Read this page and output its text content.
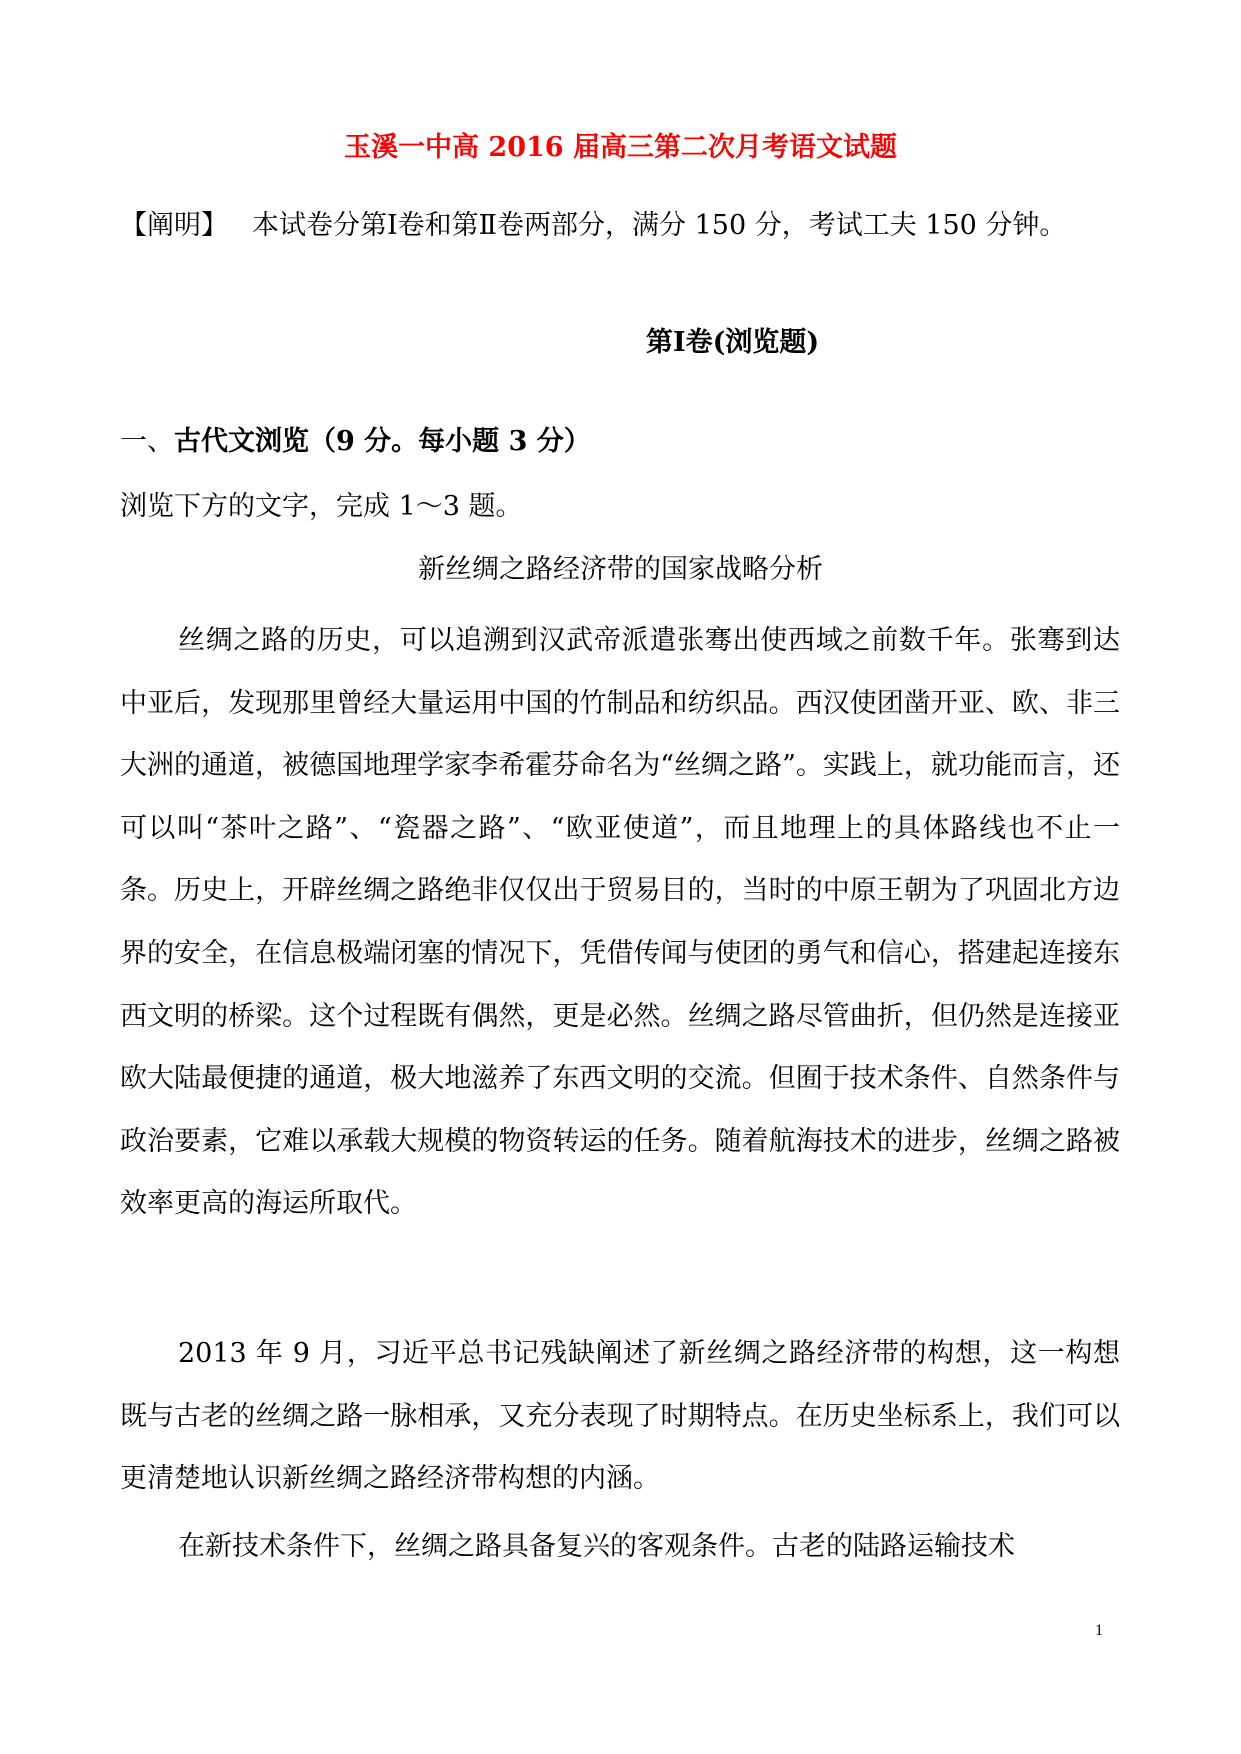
玉溪一中高 2016 届高三第二次月考语文试题
【阐明】 本试卷分第Ⅰ卷和第Ⅱ卷两部分，满分 150 分，考试工夫 150 分钟。
第Ⅰ卷(浏览题)
一、古代文浏览（9 分。每小题 3 分）
浏览下方的文字，完成 1～3 题。
新丝绸之路经济带的国家战略分析

丝绸之路的历史，可以追溯到汉武帝派遣张骞出使西域之前数千年。张骞到达中亚后，发现那里曾经大量运用中国的竹制品和纺织品。西汉使团凿开亚、欧、非三大洲的通道，被德国地理学家李希霍芬命名为“丝绸之路”。实践上，就功能而言，还可以叫“茶叶之路”、“瓷器之路”、“欧亚使道”，而且地理上的具体路线也不止一条。历史上，开辟丝绸之路绝非仅仅出于贸易目的，当时的中原王朝为了巩固北方边界的安全，在信息极端闭塞的情况下，凭借传闻与使团的勇气和信心，搭建起连接东西文明的桥梁。这个过程既有偶然，更是必然。丝绸之路尽管曲折，但仍然是连接亚欧大陆最便捷的通道，极大地滋养了东西文明的交流。但囿于技术条件、自然条件与政治要素，它难以承载大规模的物资转运的任务。随着航海技术的进步，丝绸之路被效率更高的海运所取代。

2013 年 9 月，习近平总书记残缺阐述了新丝绸之路经济带的构想，这一构想既与古老的丝绸之路一脉相承，又充分表现了时期特点。在历史坐标系上，我们可以更清楚地认识新丝绸之路经济带构想的内涵。

在新技术条件下，丝绸之路具备复兴的客观条件。古老的陆路运输技术

1
